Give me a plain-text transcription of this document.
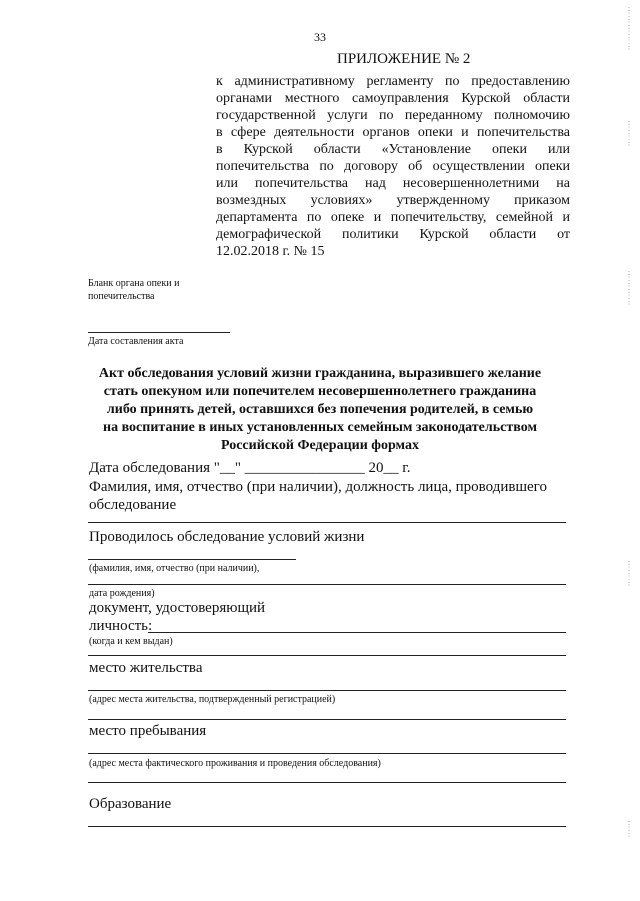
33
ПРИЛОЖЕНИЕ № 2
к административному регламенту по предоставлению
органами местного самоуправления Курской области
государственной услуги по переданному полномочию
в сфере деятельности органов опеки и попечительства
в Курской области «Установление опеки или
попечительства по договору об осуществлении опеки
или попечительства над несовершеннолетними на
возмездных условиях» утвержденному приказом
департамента по опеке и попечительству, семейной и
демографической политики Курской области от
12.02.2018 г. № 15
Бланк органа опеки и
попечительства
Дата составления акта
Акт обследования условий жизни гражданина, выразившего желание
стать опекуном или попечителем несовершеннолетнего гражданина
либо принять детей, оставшихся без попечения родителей, в семью
на воспитание в иных установленных семейным законодательством
Российской Федерации формах
Дата обследования "__" ________________ 20__ г.
Фамилия, имя, отчество (при наличии), должность лица, проводившего
обследование
Проводилось обследование условий жизни
(фамилия, имя, отчество (при наличии),
дата рождения)
документ, удостоверяющий
личность:
(когда и кем выдан)
место жительства
(адрес места жительства, подтвержденный регистрацией)
место пребывания
(адрес места фактического проживания и проведения обследования)
Образование
⋮
⋮
⋮
⋮
⋮
⋮
⋮
⋮
⋮
⋮
⋮
⋮
⋮
⋮
⋮
⋮
⋮
